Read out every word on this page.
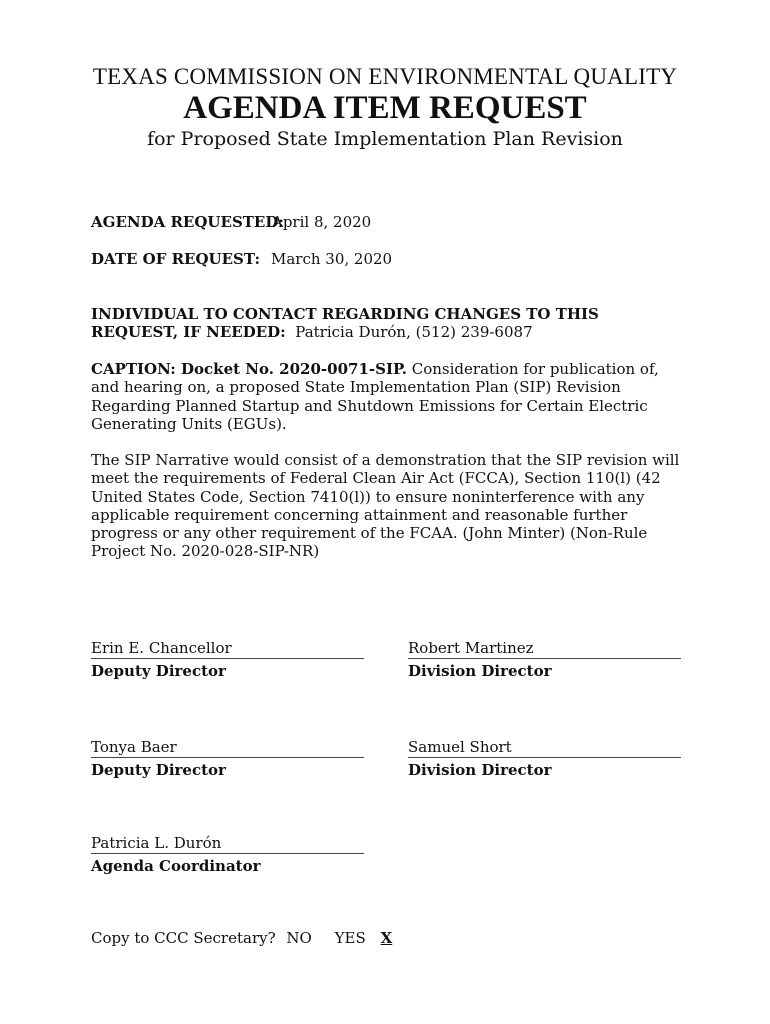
TEXAS COMMISSION ON ENVIRONMENTAL QUALITY
AGENDA ITEM REQUEST
for Proposed State Implementation Plan Revision
AGENDA REQUESTED:
April 8, 2020
DATE OF REQUEST: March 30, 2020
INDIVIDUAL TO CONTACT REGARDING CHANGES TO THIS REQUEST, IF NEEDED: Patricia Durón, (512) 239-6087
CAPTION: Docket No. 2020-0071-SIP. Consideration for publication of, and hearing on, a proposed State Implementation Plan (SIP) Revision Regarding Planned Startup and Shutdown Emissions for Certain Electric Generating Units (EGUs).
The SIP Narrative would consist of a demonstration that the SIP revision will meet the requirements of Federal Clean Air Act (FCCA), Section 110(l) (42 United States Code, Section 7410(l)) to ensure noninterference with any applicable requirement concerning attainment and reasonable further progress or any other requirement of the FCAA. (John Minter) (Non-Rule Project No. 2020-028-SIP-NR)
Erin E. Chancellor
Deputy Director
Robert Martinez
Division Director
Tonya Baer
Deputy Director
Samuel Short
Division Director
Patricia L. Durón
Agenda Coordinator
Copy to CCC Secretary? NO YES X
